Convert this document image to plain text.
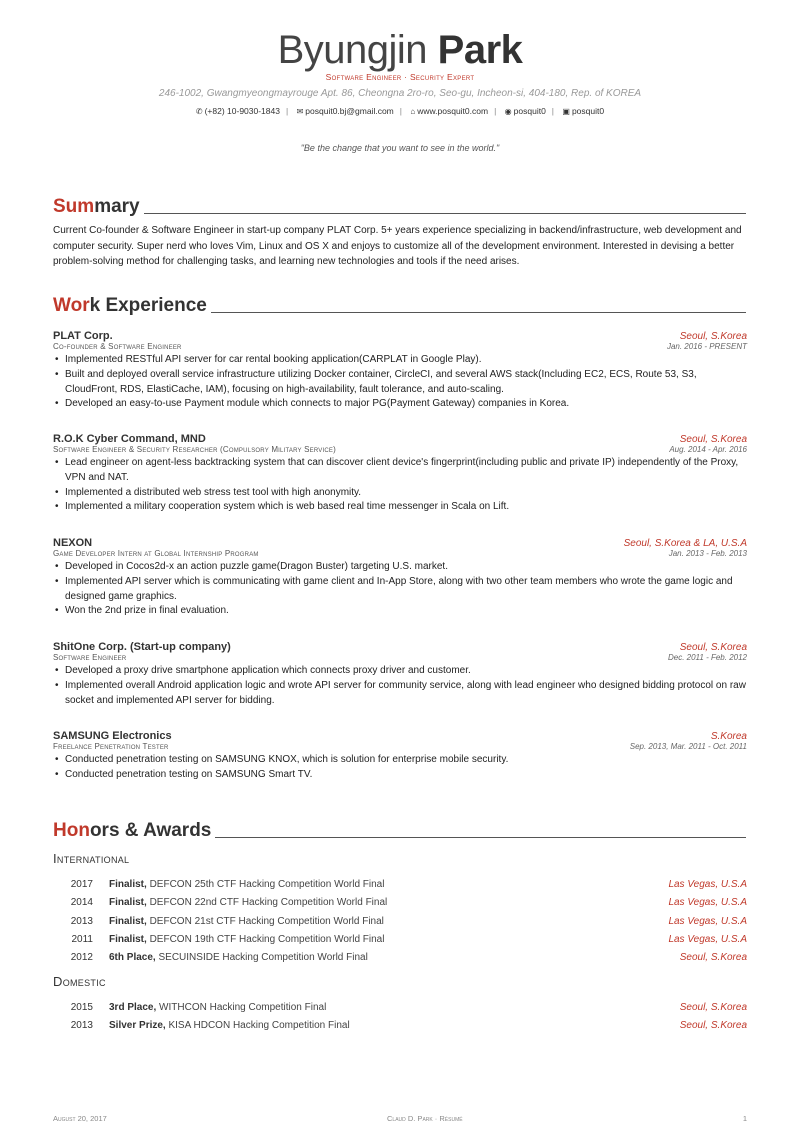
Byungjin Park
Software Engineer · Security Expert
246-1002, Gwangmyeongmayrouge Apt. 86, Cheongna 2ro-ro, Seo-gu, Incheon-si, 404-180, Rep. of KOREA
✆ (+82) 10-9030-1843 | ✉ posquit0.bj@gmail.com | ⌂ www.posquit0.com | ◉ posquit0 | ▣ posquit0
"Be the change that you want to see in the world."
Summary
Current Co-founder & Software Engineer in start-up company PLAT Corp. 5+ years experience specializing in backend/infrastructure, web development and computer security. Super nerd who loves Vim, Linux and OS X and enjoys to customize all of the development environment. Interested in devising a better problem-solving method for challenging tasks, and learning new technologies and tools if the need arises.
Work Experience
PLAT Corp.	Seoul, S.Korea
Co-founder & Software Engineer	Jan. 2016 - PRESENT
• Implemented RESTful API server for car rental booking application(CARPLAT in Google Play).
• Built and deployed overall service infrastructure utilizing Docker container, CircleCI, and several AWS stack(Including EC2, ECS, Route 53, S3, CloudFront, RDS, ElastiCache, IAM), focusing on high-availability, fault tolerance, and auto-scaling.
• Developed an easy-to-use Payment module which connects to major PG(Payment Gateway) companies in Korea.
R.O.K Cyber Command, MND	Seoul, S.Korea
Software Engineer & Security Researcher (Compulsory Military Service)	Aug. 2014 - Apr. 2016
• Lead engineer on agent-less backtracking system that can discover client device's fingerprint(including public and private IP) independently of the Proxy, VPN and NAT.
• Implemented a distributed web stress test tool with high anonymity.
• Implemented a military cooperation system which is web based real time messenger in Scala on Lift.
NEXON	Seoul, S.Korea & LA, U.S.A
Game Developer Intern at Global Internship Program	Jan. 2013 - Feb. 2013
• Developed in Cocos2d-x an action puzzle game(Dragon Buster) targeting U.S. market.
• Implemented API server which is communicating with game client and In-App Store, along with two other team members who wrote the game logic and designed game graphics.
• Won the 2nd prize in final evaluation.
ShitOne Corp. (Start-up company)	Seoul, S.Korea
Software Engineer	Dec. 2011 - Feb. 2012
• Developed a proxy drive smartphone application which connects proxy driver and customer.
• Implemented overall Android application logic and wrote API server for community service, along with lead engineer who designed bidding protocol on raw socket and implemented API server for bidding.
SAMSUNG Electronics	S.Korea
Freelance Penetration Tester	Sep. 2013, Mar. 2011 - Oct. 2011
• Conducted penetration testing on SAMSUNG KNOX, which is solution for enterprise mobile security.
• Conducted penetration testing on SAMSUNG Smart TV.
Honors & Awards
International
2017	Finalist, DEFCON 25th CTF Hacking Competition World Final	Las Vegas, U.S.A
2014	Finalist, DEFCON 22nd CTF Hacking Competition World Final	Las Vegas, U.S.A
2013	Finalist, DEFCON 21st CTF Hacking Competition World Final	Las Vegas, U.S.A
2011	Finalist, DEFCON 19th CTF Hacking Competition World Final	Las Vegas, U.S.A
2012	6th Place, SECUINSIDE Hacking Competition World Final	Seoul, S.Korea
Domestic
2015	3rd Place, WITHCON Hacking Competition Final	Seoul, S.Korea
2013	Silver Prize, KISA HDCON Hacking Competition Final	Seoul, S.Korea
August 20, 2017	Claud D. Park · Résumé	1
